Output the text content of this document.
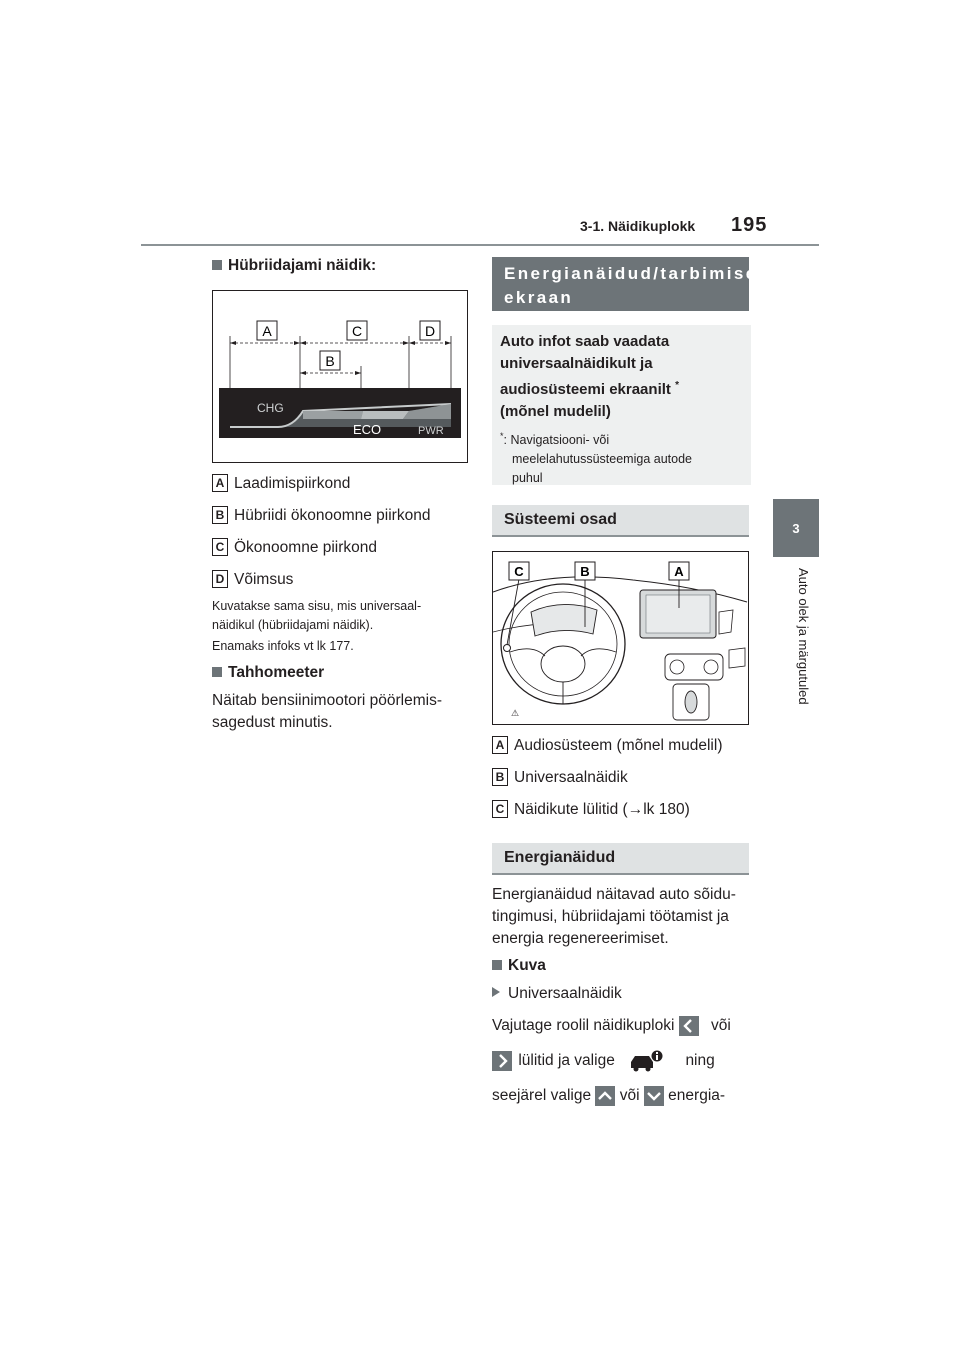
3-1. Näidikuplokk 195
3
Auto olek ja märgutuled
Hübriidajami näidik:
A	C	D
B
CHG
ECO	PWR
A Laadimispiirkond
B Hübriidi ökonoomne piirkond
C Ökonoomne piirkond
D Võimsus
Kuvatakse sama sisu, mis universaal-
näidikul (hübriidajami näidik).
Enamaks infoks vt lk 177.
Tahhomeeter
Näitab bensiinimootori pöörlemis-
sagedust minutis.
Energianäidud/tarbimise
ekraan
Auto infot saab vaadata
universaalnäidikult ja
audiosüsteemi ekraanilt *
(mõnel mudelil)
*: Navigatsiooni- või
meelelahutussüsteemiga autode
puhul
Süsteemi osad
⚠
C	B	A
A Audiosüsteem (mõnel mudelil)
B Universaalnäidik
C Näidikute lülitid (→lk 180)
Energianäidud
Energianäidud näitavad auto sõidu-
tingimusi, hübriidajami töötamist ja
energia regenereerimiset.
Kuva
Universaalnäidik
Vajutage roolil näidikuploki või
lülitid ja valige	ning
seejärel valige või energia-
